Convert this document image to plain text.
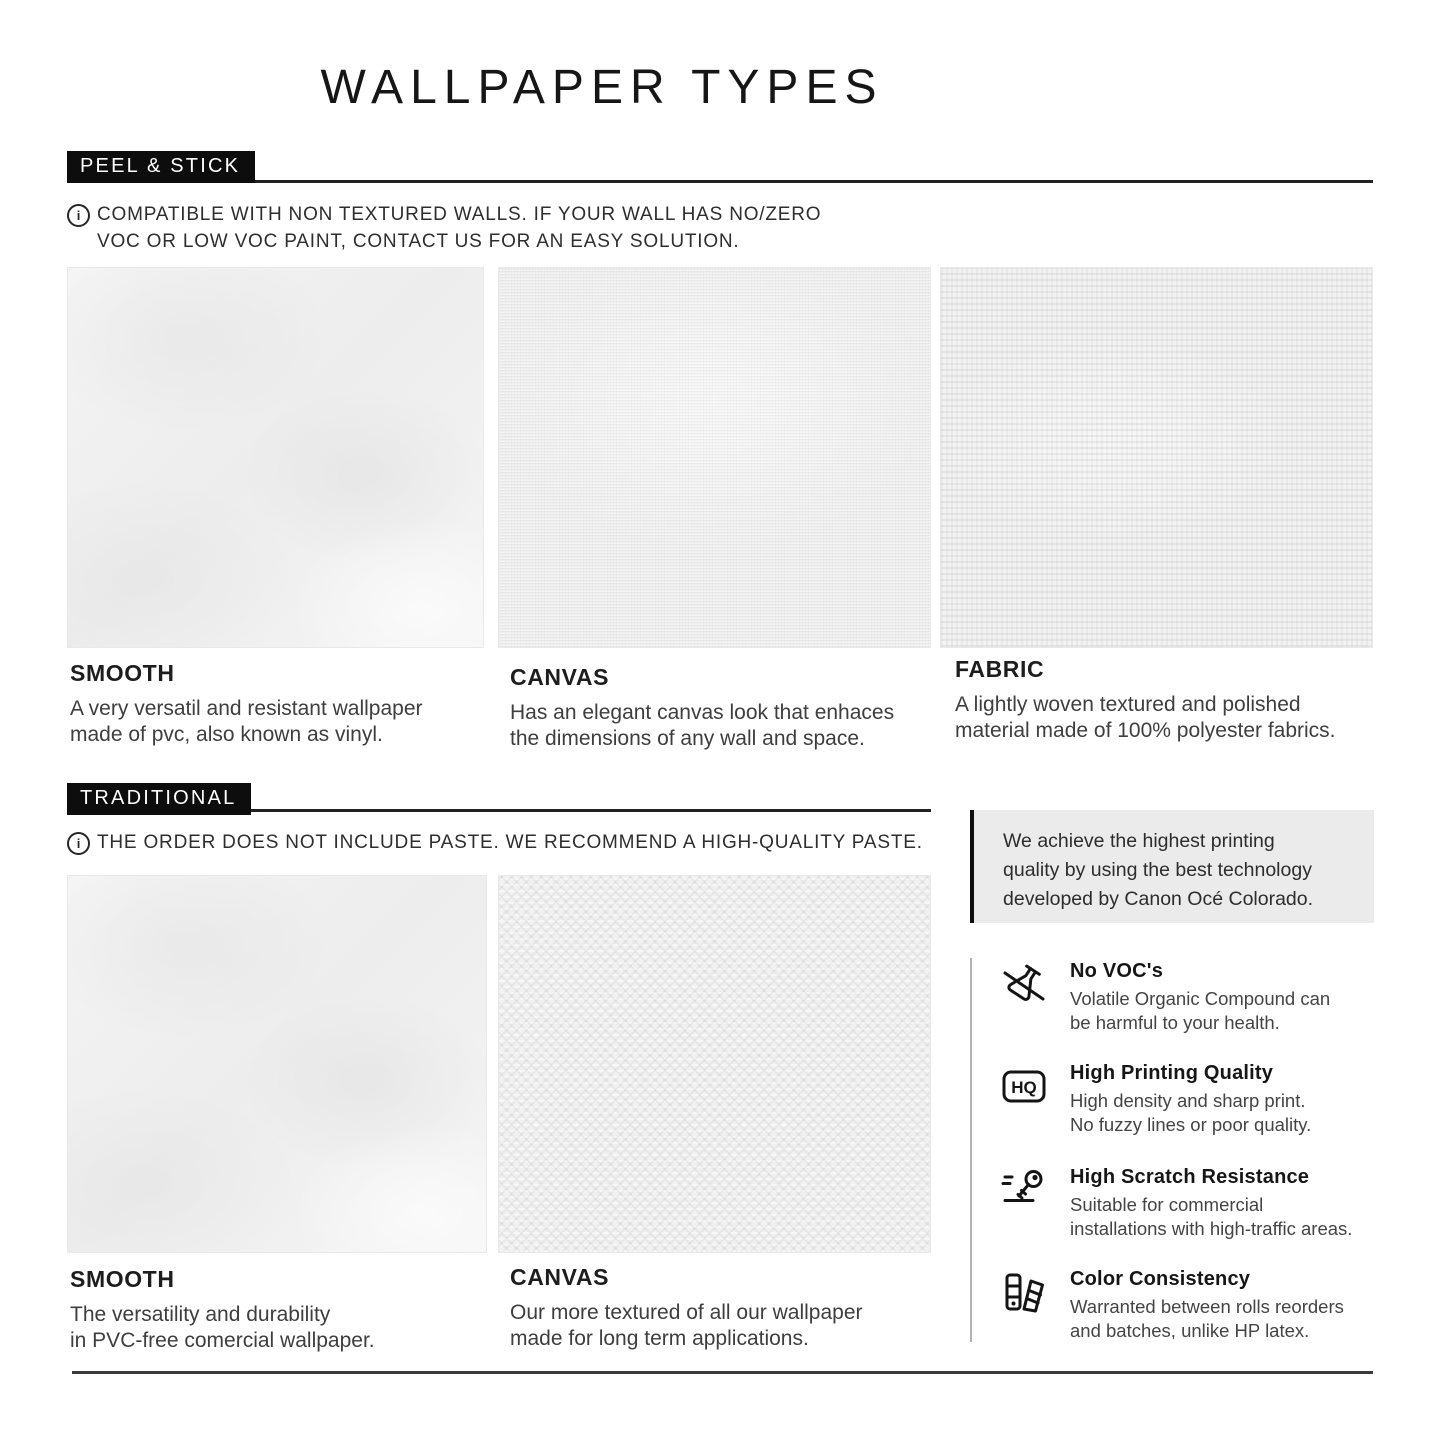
WALLPAPER TYPES
PEEL & STICK
i COMPATIBLE WITH NON TEXTURED WALLS. IF YOUR WALL HAS NO/ZERO
VOC OR LOW VOC PAINT, CONTACT US FOR AN EASY SOLUTION.
SMOOTH
A very versatil and resistant wallpaper
made of pvc, also known as vinyl.
CANVAS
Has an elegant canvas look that enhaces
the dimensions of any wall and space.
FABRIC
A lightly woven textured and polished
material made of 100% polyester fabrics.
TRADITIONAL
i THE ORDER DOES NOT INCLUDE PASTE. WE RECOMMEND A HIGH-QUALITY PASTE.
SMOOTH
The versatility and durability
in PVC-free comercial wallpaper.
CANVAS
Our more textured of all our wallpaper
made for long term applications.
We achieve the highest printing
quality by using the best technology
developed by Canon Océ Colorado.
No VOC's
Volatile Organic Compound can
be harmful to your health.
HQ
High Printing Quality
High density and sharp print.
No fuzzy lines or poor quality.
High Scratch Resistance
Suitable for commercial
installations with high-traffic areas.
Color Consistency
Warranted between rolls reorders
and batches, unlike HP latex.
